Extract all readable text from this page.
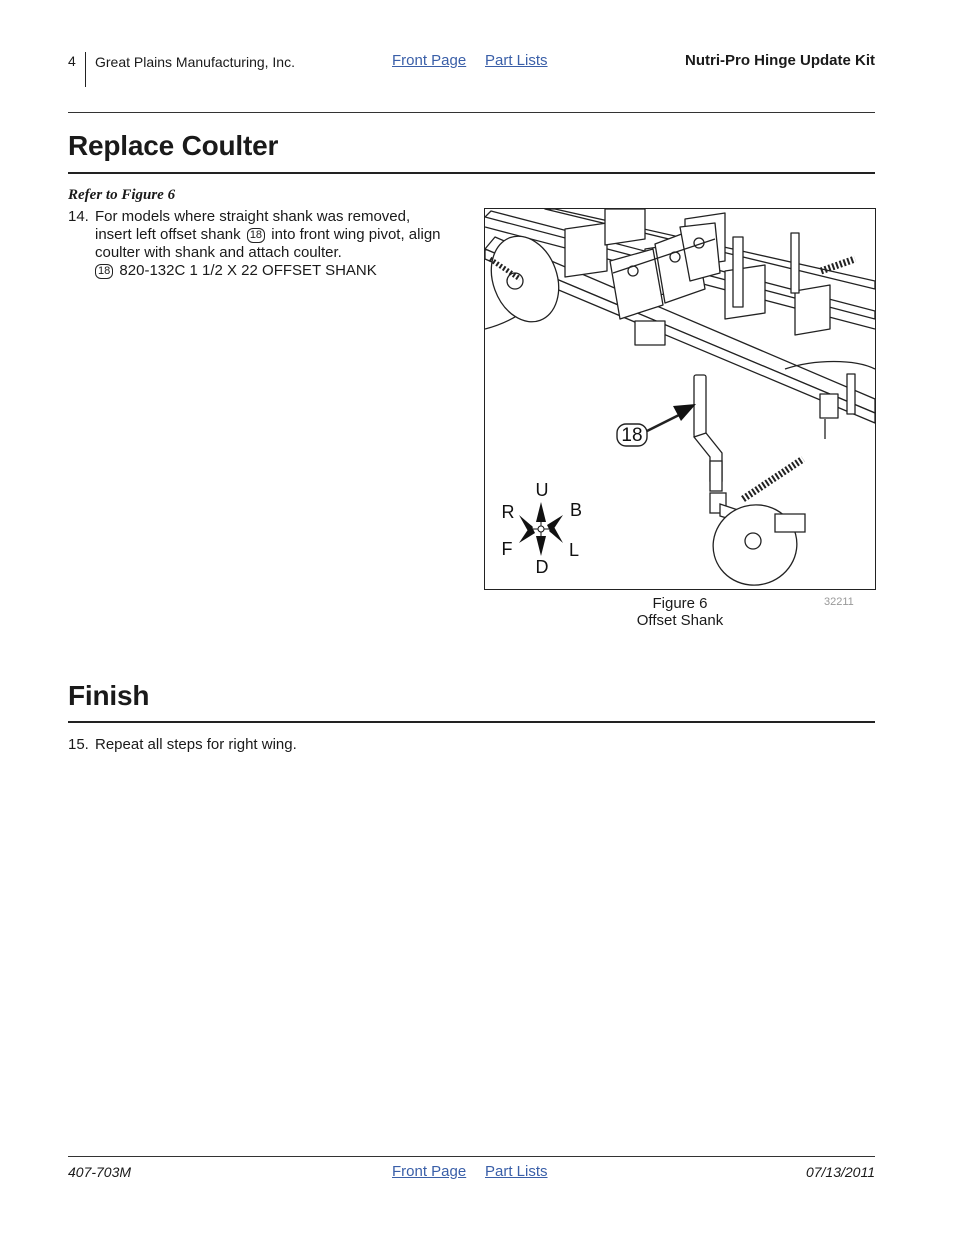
4 Great Plains Manufacturing, Inc.	Front Page Part Lists	Nutri-Pro Hinge Update Kit
Replace Coulter
Refer to Figure 6
14. For models where straight shank was removed,
insert left offset shank 18 into front wing pivot, align
coulter with shank and attach coulter.
18 820-132C 1 1/2 X 22 OFFSET SHANK
18
U
D
R	B
F	L
Figure 6
Offset Shank
32211
Finish
15. Repeat all steps for right wing.
407-703M	Front Page Part Lists	07/13/2011
